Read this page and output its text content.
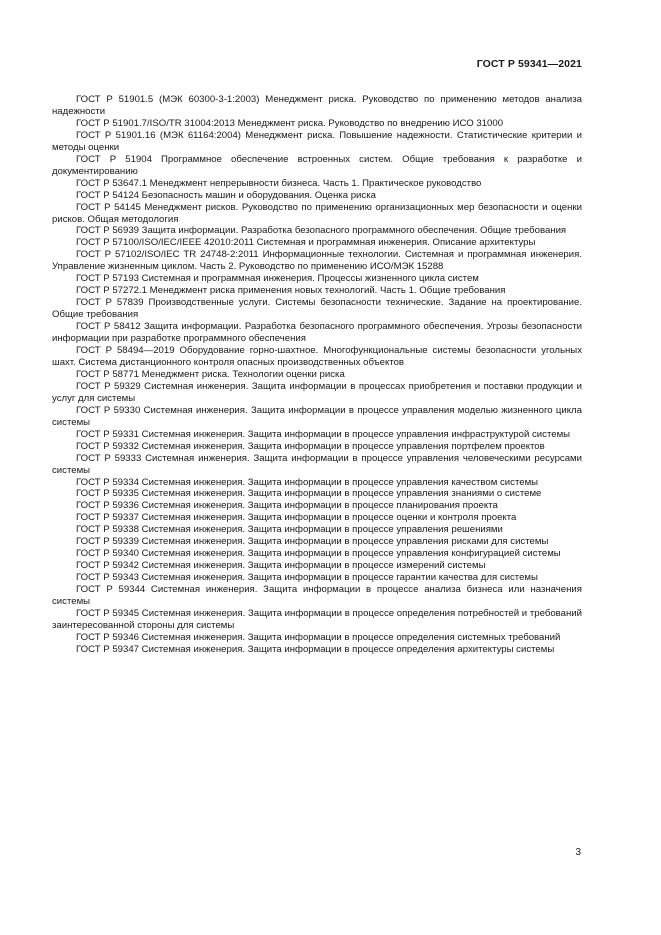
ГОСТ Р 59341—2021

ГОСТ Р 51901.5 (МЭК 60300-3-1:2003) Менеджмент риска. Руководство по применению методов анализа надежности

ГОСТ Р 51901.7/ISO/TR 31004:2013 Менеджмент риска. Руководство по внедрению ИСО 31000

ГОСТ Р 51901.16 (МЭК 61164:2004) Менеджмент риска. Повышение надежности. Статистические критерии и методы оценки

ГОСТ Р 51904 Программное обеспечение встроенных систем. Общие требования к разработке и документированию

ГОСТ Р 53647.1 Менеджмент непрерывности бизнеса. Часть 1. Практическое руководство

ГОСТ Р 54124 Безопасность машин и оборудования. Оценка риска

ГОСТ Р 54145 Менеджмент рисков. Руководство по применению организационных мер безопасности и оценки рисков. Общая методология

ГОСТ Р 56939 Защита информации. Разработка безопасного программного обеспечения. Общие требования

ГОСТ Р 57100/ISO/IEC/IEEE 42010:2011 Системная и программная инженерия. Описание архитектуры

ГОСТ Р 57102/ISO/IEC TR 24748-2:2011 Информационные технологии. Системная и программная инженерия. Управление жизненным циклом. Часть 2. Руководство по применению ИСО/МЭК 15288

ГОСТ Р 57193 Системная и программная инженерия. Процессы жизненного цикла систем

ГОСТ Р 57272.1 Менеджмент риска применения новых технологий. Часть 1. Общие требования

ГОСТ Р 57839 Производственные услуги. Системы безопасности технические. Задание на проектирование. Общие требования

ГОСТ Р 58412 Защита информации. Разработка безопасного программного обеспечения. Угрозы безопасности информации при разработке программного обеспечения

ГОСТ Р 58494—2019 Оборудование горно-шахтное. Многофункциональные системы безопасности угольных шахт. Система дистанционного контроля опасных производственных объектов

ГОСТ Р 58771 Менеджмент риска. Технологии оценки риска

ГОСТ Р 59329 Системная инженерия. Защита информации в процессах приобретения и поставки продукции и услуг для системы

ГОСТ Р 59330 Системная инженерия. Защита информации в процессе управления моделью жизненного цикла системы

ГОСТ Р 59331 Системная инженерия. Защита информации в процессе управления инфраструктурой системы

ГОСТ Р 59332 Системная инженерия. Защита информации в процессе управления портфелем проектов

ГОСТ Р 59333 Системная инженерия. Защита информации в процессе управления человеческими ресурсами системы

ГОСТ Р 59334 Системная инженерия. Защита информации в процессе управления качеством системы

ГОСТ Р 59335 Системная инженерия. Защита информации в процессе управления знаниями о системе

ГОСТ Р 59336 Системная инженерия. Защита информации в процессе планирования проекта

ГОСТ Р 59337 Системная инженерия. Защита информации в процессе оценки и контроля проекта

ГОСТ Р 59338 Системная инженерия. Защита информации в процессе управления решениями

ГОСТ Р 59339 Системная инженерия. Защита информации в процессе управления рисками для системы

ГОСТ Р 59340 Системная инженерия. Защита информации в процессе управления конфигурацией системы

ГОСТ Р 59342 Системная инженерия. Защита информации в процессе измерений системы

ГОСТ Р 59343 Системная инженерия. Защита информации в процессе гарантии качества для системы

ГОСТ Р 59344 Системная инженерия. Защита информации в процессе анализа бизнеса или назначения системы

ГОСТ Р 59345 Системная инженерия. Защита информации в процессе определения потребностей и требований заинтересованной стороны для системы

ГОСТ Р 59346 Системная инженерия. Защита информации в процессе определения системных требований

ГОСТ Р 59347 Системная инженерия. Защита информации в процессе определения архитектуры системы

3
